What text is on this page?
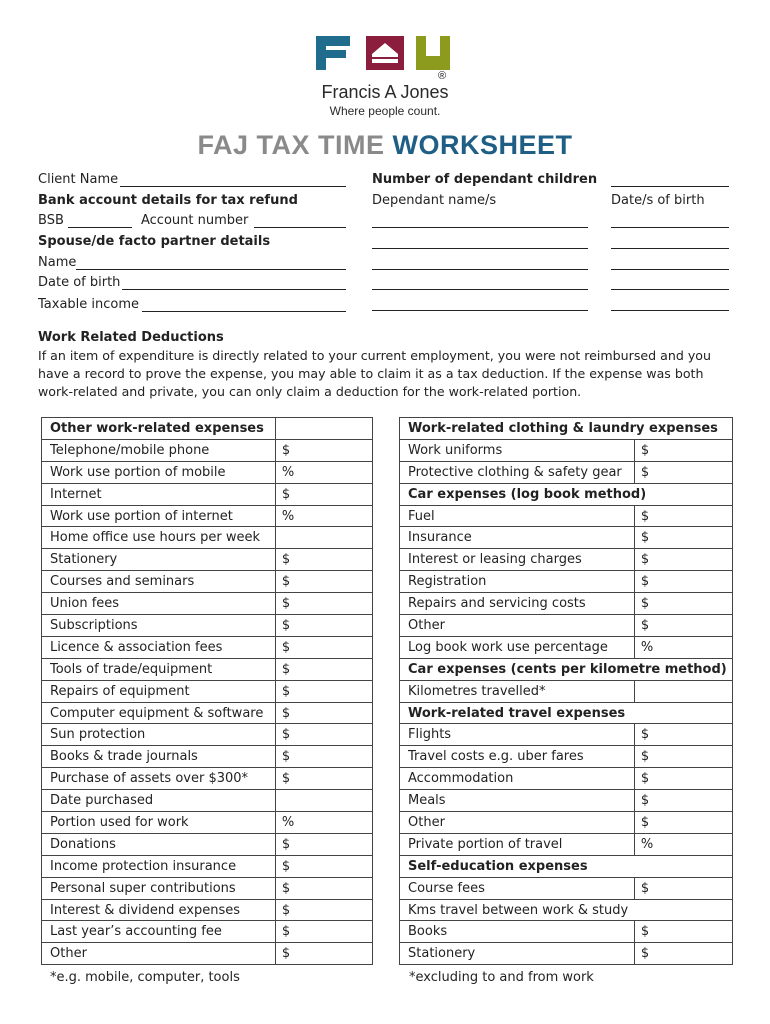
®
Francis A Jones
Where people count.
FAJ TAX TIME WORKSHEET
Client Name
Bank account details for tax refund
BSB	Account number
Spouse/de facto partner details
Name
Date of birth
Taxable income
Number of dependant children
Dependant name/s	Date/s of birth
Work Related Deductions
If an item of expenditure is directly related to your current employment, you were not reimbursed and you have a record to prove the expense, you may able to claim it as a tax deduction. If the expense was both work-related and private, you can only claim a deduction for the work-related portion.
Other work-related expenses	
Telephone/mobile phone	$
Work use portion of mobile	%
Internet	$
Work use portion of internet	%
Home office use hours per week	
Stationery	$
Courses and seminars	$
Union fees	$
Subscriptions	$
Licence & association fees	$
Tools of trade/equipment	$
Repairs of equipment	$
Computer equipment & software	$
Sun protection	$
Books & trade journals	$
Purchase of assets over $300*	$
Date purchased	
Portion used for work	%
Donations	$
Income protection insurance	$
Personal super contributions	$
Interest & dividend expenses	$
Last year’s accounting fee	$
Other	$
*e.g. mobile, computer, tools
Work-related clothing & laundry expenses	
Work uniforms	$
Protective clothing & safety gear	$
Car expenses (log book method)	
Fuel	$
Insurance	$
Interest or leasing charges	$
Registration	$
Repairs and servicing costs	$
Other	$
Log book work use percentage	%
Car expenses (cents per kilometre method)	
Kilometres travelled*	
Work-related travel expenses	
Flights	$
Travel costs e.g. uber fares	$
Accommodation	$
Meals	$
Other	$
Private portion of travel	%
Self-education expenses	
Course fees	$
Kms travel between work & study	
Books	$
Stationery	$
*excluding to and from work
